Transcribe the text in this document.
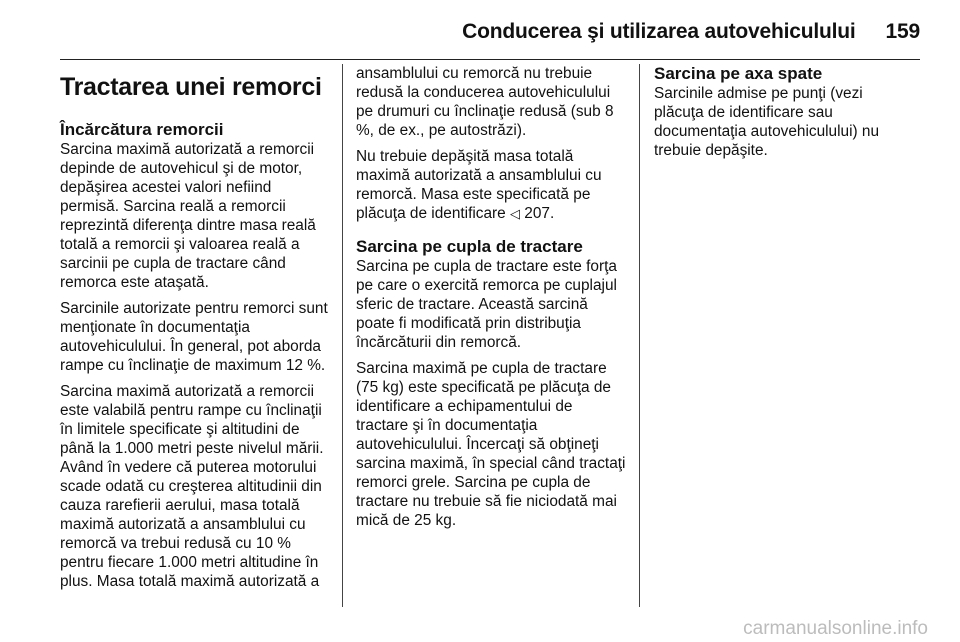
Conducerea şi utilizarea autovehiculului 159
Tractarea unei remorci
Încărcătura remorcii

Sarcina maximă autorizată a remorcii depinde de autovehicul şi de motor, depăşirea acestei valori nefiind permisă. Sarcina reală a remorcii reprezintă diferenţa dintre masa reală totală a remorcii şi valoarea reală a sarcinii pe cupla de tractare când remorca este ataşată.

Sarcinile autorizate pentru remorci sunt menţionate în documentaţia autovehiculului. În general, pot aborda rampe cu înclinaţie de maximum 12 %.

Sarcina maximă autorizată a remorcii este valabilă pentru rampe cu înclinaţii în limitele specificate şi altitudini de până la 1.000 metri peste nivelul mării. Având în vedere că puterea motorului scade odată cu creşterea altitudinii din cauza rarefierii aerului, masa totală maximă autorizată a ansamblului cu remorcă va trebui redusă cu 10 % pentru fiecare 1.000 metri altitudine în plus. Masa totală maximă autorizată a

ansamblului cu remorcă nu trebuie redusă la conducerea autovehiculului pe drumuri cu înclinaţie redusă (sub 8 %, de ex., pe autostrăzi).

Nu trebuie depăşită masa totală maximă autorizată a ansamblului cu remorcă. Masa este specificată pe plăcuţa de identificare ◁ 207.

Sarcina pe cupla de tractare

Sarcina pe cupla de tractare este forţa pe care o exercită remorca pe cuplajul sferic de tractare. Această sarcină poate fi modificată prin distribuţia încărcăturii din remorcă.

Sarcina maximă pe cupla de tractare (75 kg) este specificată pe plăcuţa de identificare a echipamentului de tractare şi în documentaţia autovehiculului. Încercaţi să obţineţi sarcina maximă, în special când tractaţi remorci grele. Sarcina pe cupla de tractare nu trebuie să fie niciodată mai mică de 25 kg.

Sarcina pe axa spate

Sarcinile admise pe punţi (vezi plăcuţa de identificare sau documentaţia autovehiculului) nu trebuie depăşite.

carmanualsonline.info
